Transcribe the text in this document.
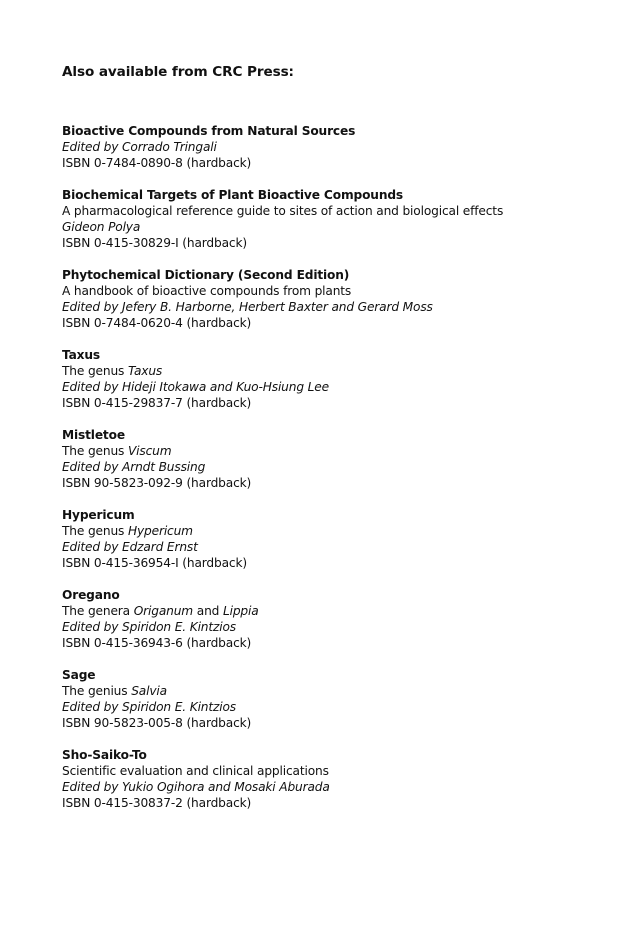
Also available from CRC Press:
Bioactive Compounds from Natural Sources
Edited by Corrado Tringali
ISBN 0-7484-0890-8 (hardback)
Biochemical Targets of Plant Bioactive Compounds
A pharmacological reference guide to sites of action and biological effects
Gideon Polya
ISBN 0-415-30829-I (hardback)
Phytochemical Dictionary (Second Edition)
A handbook of bioactive compounds from plants
Edited by Jefery B. Harborne, Herbert Baxter and Gerard Moss
ISBN 0-7484-0620-4 (hardback)
Taxus
The genus Taxus
Edited by Hideji Itokawa and Kuo-Hsiung Lee
ISBN 0-415-29837-7 (hardback)
Mistletoe
The genus Viscum
Edited by Arndt Bussing
ISBN 90-5823-092-9 (hardback)
Hypericum
The genus Hypericum
Edited by Edzard Ernst
ISBN 0-415-36954-I (hardback)
Oregano
The genera Origanum and Lippia
Edited by Spiridon E. Kintzios
ISBN 0-415-36943-6 (hardback)
Sage
The genius Salvia
Edited by Spiridon E. Kintzios
ISBN 90-5823-005-8 (hardback)
Sho-Saiko-To
Scientific evaluation and clinical applications
Edited by Yukio Ogihora and Mosaki Aburada
ISBN 0-415-30837-2 (hardback)
